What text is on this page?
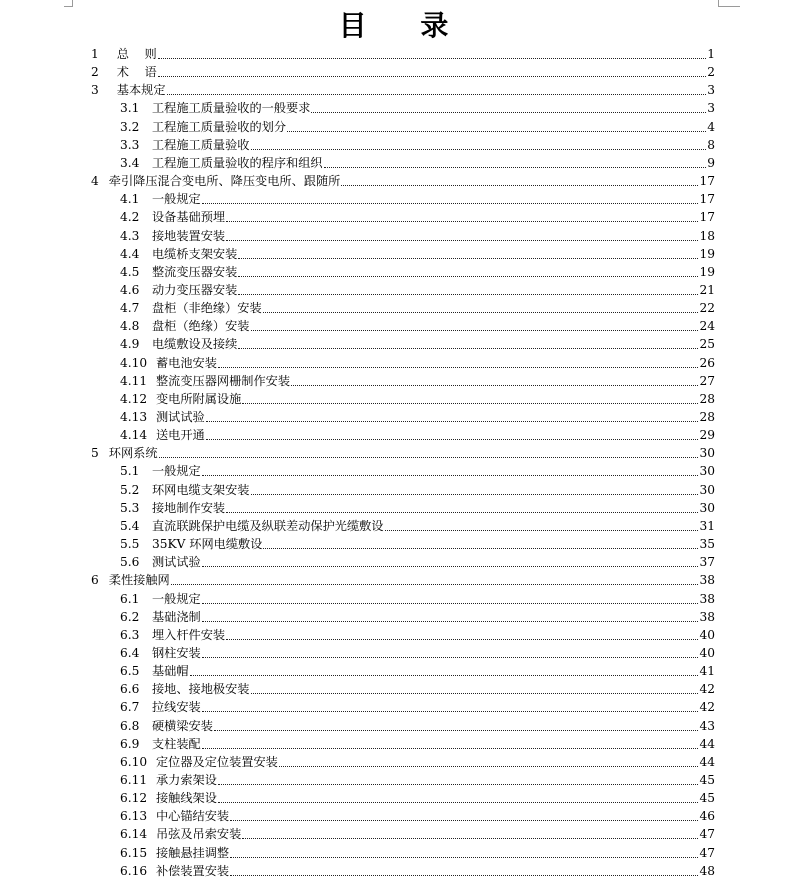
目 录
1 总    则	1
2 术    语	2
3 基本规定	3
3.1	工程施工质量验收的一般要求	3
3.2	工程施工质量验收的划分	4
3.3	工程施工质量验收	8
3.4	工程施工质量验收的程序和组织	9
4 牵引降压混合变电所、降压变电所、跟随所	17
4.1	一般规定	17
4.2	设备基础预埋	17
4.3	接地装置安装	18
4.4	电缆桥支架安装	19
4.5	整流变压器安装	19
4.6	动力变压器安装	21
4.7	盘柜（非绝缘）安装	22
4.8	盘柜（绝缘）安装	24
4.9	电缆敷设及接续	25
4.10 蓄电池安装	26
4.11 整流变压器网栅制作安装	27
4.12 变电所附属设施	28
4.13 测试试验	28
4.14 送电开通	29
5 环网系统	30
5.1	一般规定	30
5.2	环网电缆支架安装	30
5.3	接地制作安装	30
5.4	直流联跳保护电缆及纵联差动保护光缆敷设	31
5.5	35KV 环网电缆敷设	35
5.6	测试试验	37
6 柔性接触网	38
6.1	一般规定	38
6.2	基础浇制	38
6.3	埋入杆件安装	40
6.4	钢柱安装	40
6.5	基础帽	41
6.6	接地、接地极安装	42
6.7	拉线安装	42
6.8	硬横梁安装	43
6.9	支柱装配	44
6.10 定位器及定位装置安装	44
6.11 承力索架设	45
6.12 接触线架设	45
6.13 中心锚结安装	46
6.14 吊弦及吊索安装	47
6.15 接触悬挂调整	47
6.16 补偿装置安装	48
